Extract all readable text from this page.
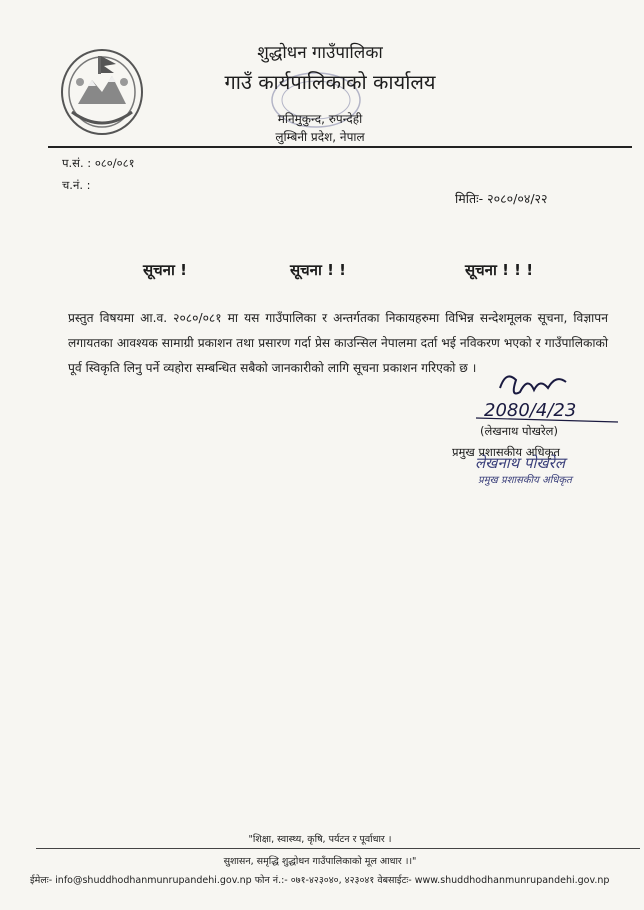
शुद्धोधन गाउँपालिका
गाउँ कार्यपालिकाको कार्यालय
मनिमुकुन्द, रुपन्देही
लुम्बिनी प्रदेश, नेपाल
प.सं. : ०८०/०८१
च.नं. :
मितिः- २०८०/०४/२२
सूचना !	सूचना ! !	सूचना ! ! !
प्रस्तुत विषयमा आ.व. २०८०/०८१ मा यस गाउँपालिका र अन्तर्गतका निकायहरुमा विभिन्न सन्देशमूलक सूचना, विज्ञापन लगायतका आवश्यक सामाग्री प्रकाशन तथा प्रसारण गर्दा प्रेस काउन्सिल नेपालमा दर्ता भई नविकरण भएको र गाउँपालिकाको पूर्व स्विकृति लिनु पर्ने व्यहोरा सम्बन्धित सबैको जानकारीको लागि सूचना प्रकाशन गरिएको छ ।
2080/4/23
(लेखनाथ पोखरेल)
प्रमुख प्रशासकीय अधिकृत
लेखनाथ पोखरेल
प्रमुख प्रशासकीय अधिकृत
"शिक्षा, स्वास्थ्य, कृषि, पर्यटन र पूर्वाधार ।
सुशासन, समृद्धि शुद्धोधन गाउँपालिकाको मूल आधार ।।"
ईमेलः- info@shuddhodhanmunrupandehi.gov.np फोन नं.:- ०७१-४२३०४०, ४२३०४१ वेबसाईटः- www.shuddhodhanmunrupandehi.gov.np
